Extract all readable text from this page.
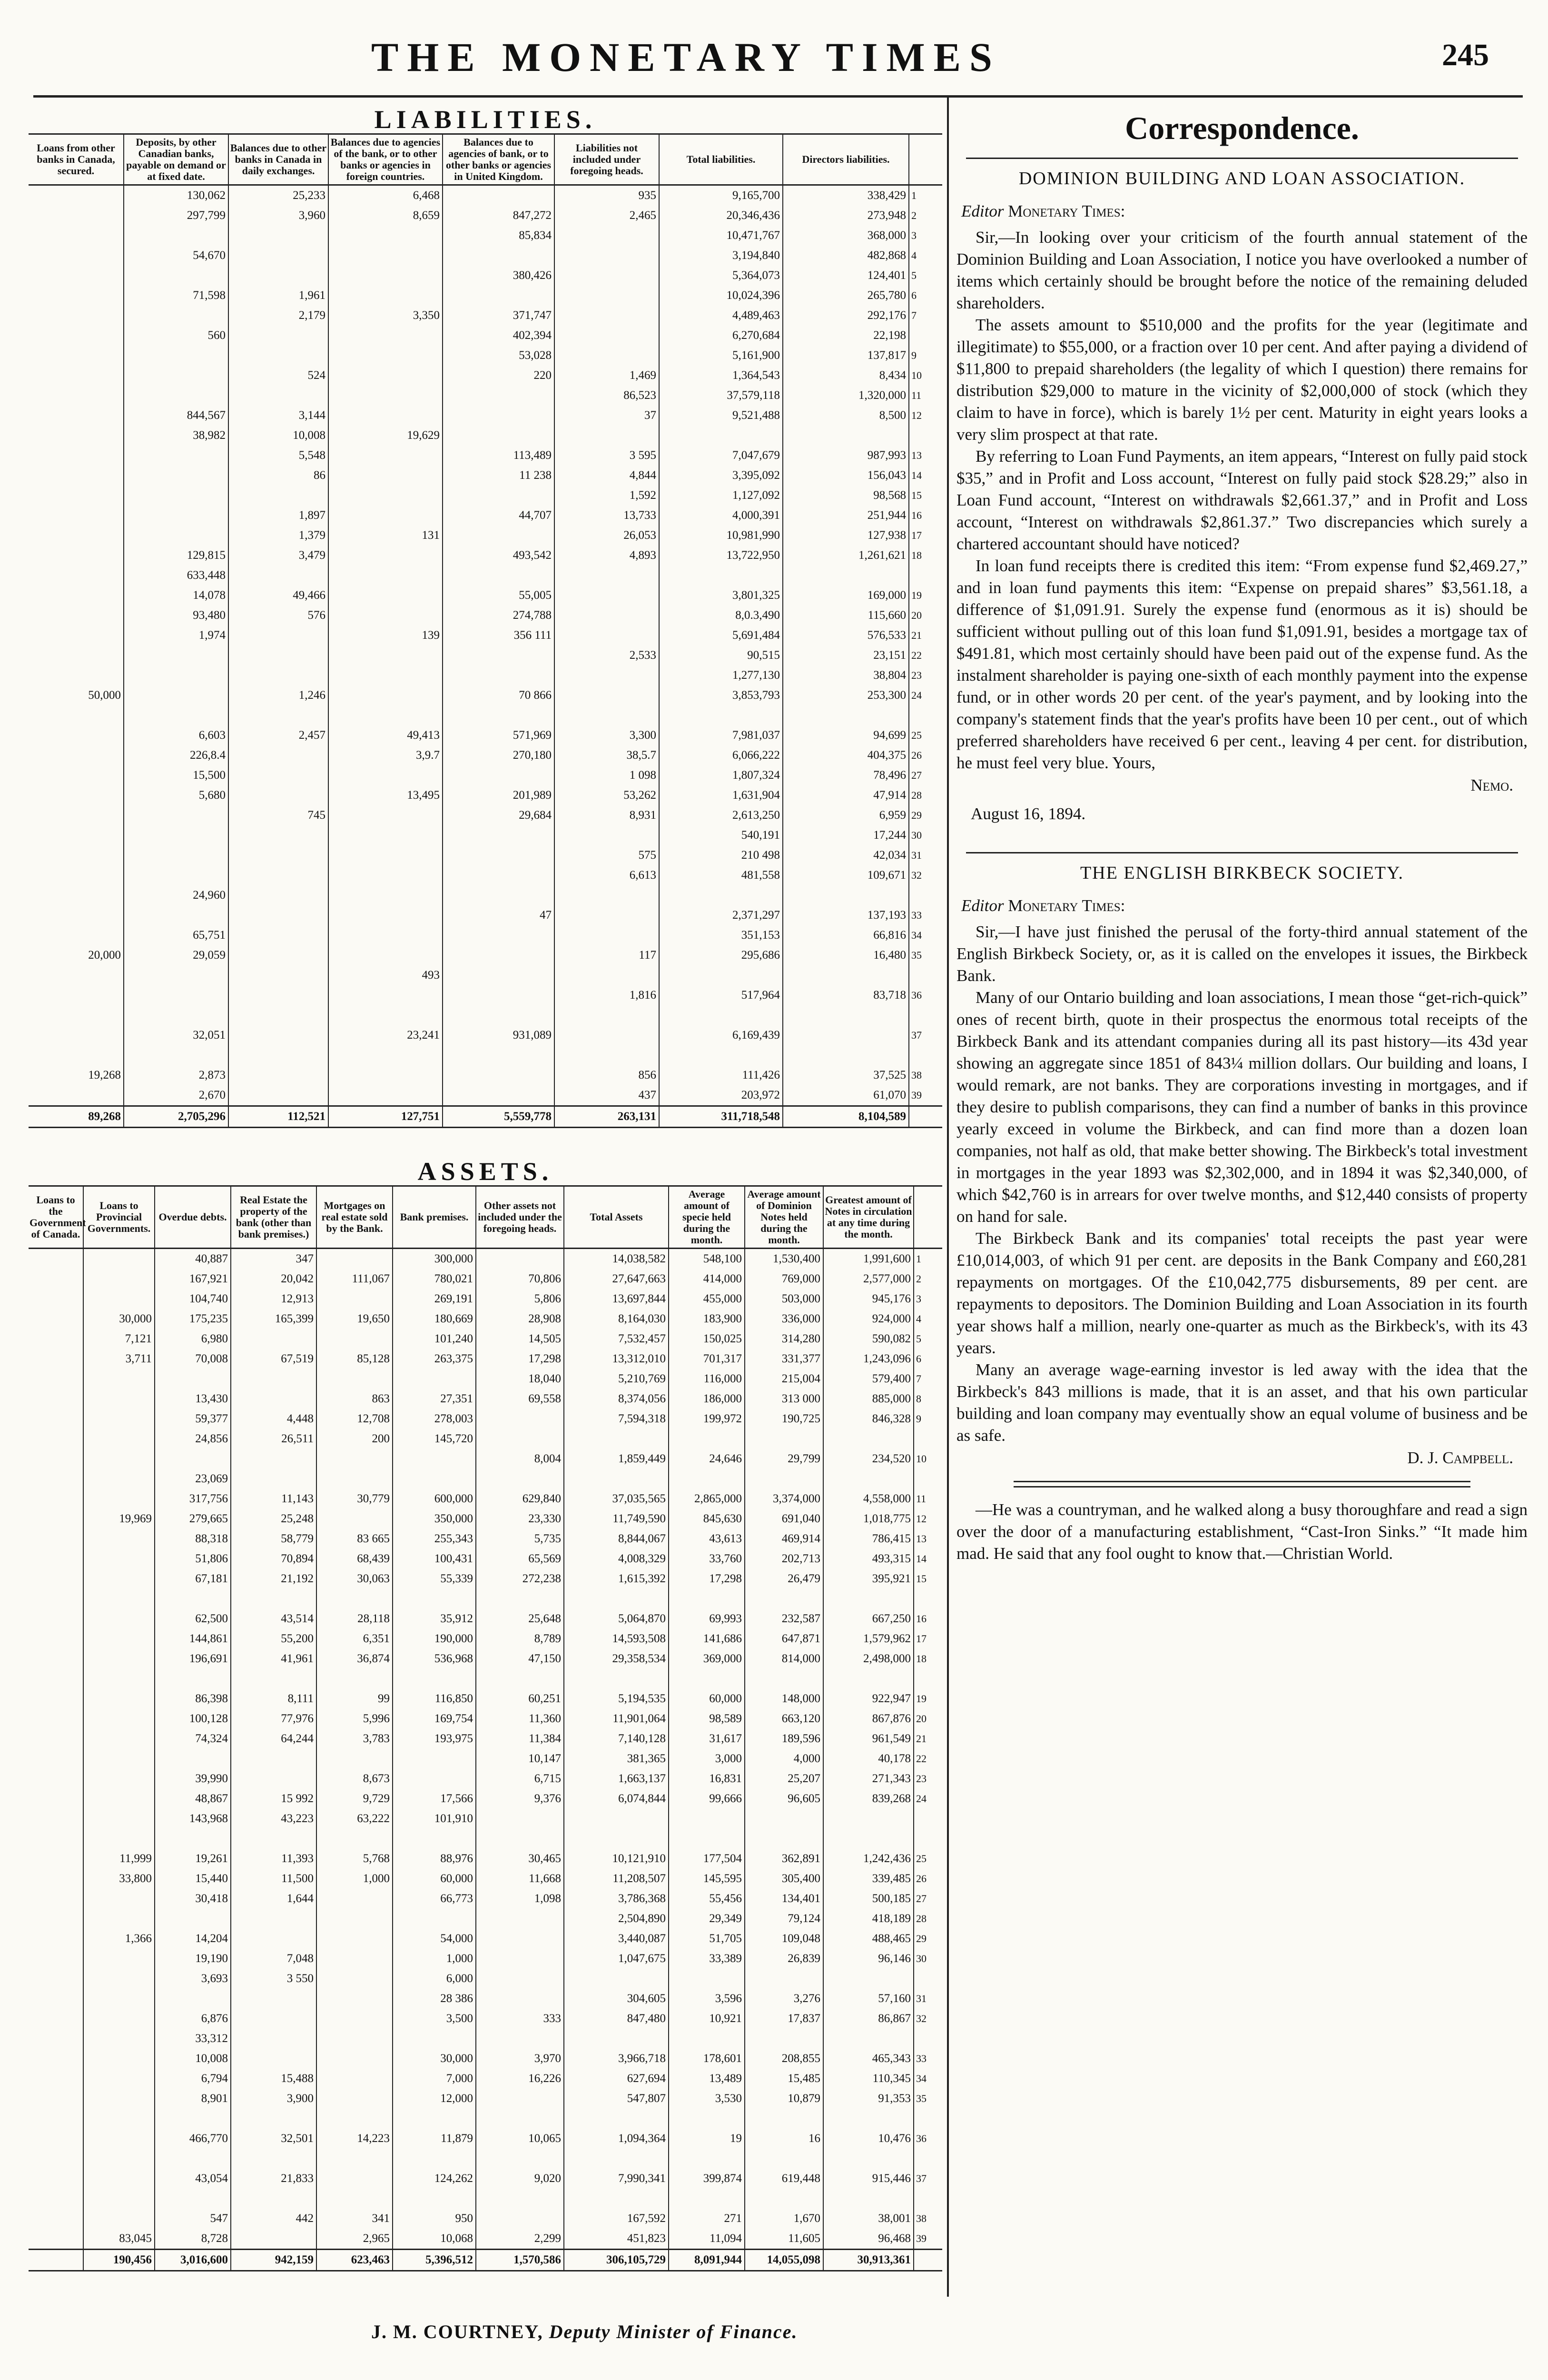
THE MONETARY TIMES	245
LIABILITIES.
Loans from other banks in Canada, secured.	Deposits, by other Canadian banks, payable on demand or at fixed date.	Balances due to other banks in Canada in daily exchanges.	Balances due to agencies of the bank, or to other banks or agencies in foreign countries.	Balances due to agencies of bank, or to other banks or agencies in United Kingdom.	Liabilities not included under foregoing heads.	Total liabilities.	Directors liabilities.	
	130,062	25,233	6,468		935	9,165,700	338,429	1
	297,799	3,960	8,659	847,272	2,465	20,346,436	273,948	2
				85,834		10,471,767	368,000	3
	54,670					3,194,840	482,868	4
				380,426		5,364,073	124,401	5
	71,598	1,961				10,024,396	265,780	6
		2,179	3,350	371,747		4,489,463	292,176	7
	560			402,394		6,270,684	22,198	
				53,028		5,161,900	137,817	9
		524		220	1,469	1,364,543	8,434	10
					86,523	37,579,118	1,320,000	11
	844,567	3,144			37	9,521,488	8,500	12
	38,982	10,008	19,629					
		5,548		113,489	3 595	7,047,679	987,993	13
		86		11 238	4,844	3,395,092	156,043	14
					1,592	1,127,092	98,568	15
		1,897		44,707	13,733	4,000,391	251,944	16
		1,379	131		26,053	10,981,990	127,938	17
	129,815	3,479		493,542	4,893	13,722,950	1,261,621	18
	633,448							
	14,078	49,466		55,005		3,801,325	169,000	19
	93,480	576		274,788		8,0.3,490	115,660	20
	1,974		139	356 111		5,691,484	576,533	21
					2,533	90,515	23,151	22
						1,277,130	38,804	23
50,000		1,246		70 866		3,853,793	253,300	24

	6,603	2,457	49,413	571,969	3,300	7,981,037	94,699	25
	226,8.4		3,9.7	270,180	38,5.7	6,066,222	404,375	26
	15,500				1 098	1,807,324	78,496	27
	5,680		13,495	201,989	53,262	1,631,904	47,914	28
		745		29,684	8,931	2,613,250	6,959	29
						540,191	17,244	30
					575	210 498	42,034	31
					6,613	481,558	109,671	32
	24,960							
				47		2,371,297	137,193	33
	65,751					351,153	66,816	34
20,000	29,059				117	295,686	16,480	35
			493					
					1,816	517,964	83,718	36

	32,051		23,241	931,089		6,169,439		37

19,268	2,873				856	111,426	37,525	38
	2,670				437	203,972	61,070	39
89,268	2,705,296	112,521	127,751	5,559,778	263,131	311,718,548	8,104,589	
ASSETS.
Loans to the Government of Canada.	Loans to Provincial Governments.	Overdue debts.	Real Estate the property of the bank (other than bank premises.)	Mortgages on real estate sold by the Bank.	Bank premises.	Other assets not included under the foregoing heads.	Total Assets	Average amount of specie held during the month.	Average amount of Dominion Notes held during the month.	Greatest amount of Notes in circulation at any time during the month.	
		40,887	347		300,000		14,038,582	548,100	1,530,400	1,991,600	1
		167,921	20,042	111,067	780,021	70,806	27,647,663	414,000	769,000	2,577,000	2
		104,740	12,913		269,191	5,806	13,697,844	455,000	503,000	945,176	3
	30,000	175,235	165,399	19,650	180,669	28,908	8,164,030	183,900	336,000	924,000	4
	7,121	6,980			101,240	14,505	7,532,457	150,025	314,280	590,082	5
	3,711	70,008	67,519	85,128	263,375	17,298	13,312,010	701,317	331,377	1,243,096	6
						18,040	5,210,769	116,000	215,004	579,400	7
		13,430		863	27,351	69,558	8,374,056	186,000	313 000	885,000	8
		59,377	4,448	12,708	278,003		7,594,318	199,972	190,725	846,328	9
		24,856	26,511	200	145,720						
						8,004	1,859,449	24,646	29,799	234,520	10
		23,069									
		317,756	11,143	30,779	600,000	629,840	37,035,565	2,865,000	3,374,000	4,558,000	11
	19,969	279,665	25,248		350,000	23,330	11,749,590	845,630	691,040	1,018,775	12
		88,318	58,779	83 665	255,343	5,735	8,844,067	43,613	469,914	786,415	13
		51,806	70,894	68,439	100,431	65,569	4,008,329	33,760	202,713	493,315	14
		67,181	21,192	30,063	55,339	272,238	1,615,392	17,298	26,479	395,921	15

		62,500	43,514	28,118	35,912	25,648	5,064,870	69,993	232,587	667,250	16
		144,861	55,200	6,351	190,000	8,789	14,593,508	141,686	647,871	1,579,962	17
		196,691	41,961	36,874	536,968	47,150	29,358,534	369,000	814,000	2,498,000	18

		86,398	8,111	99	116,850	60,251	5,194,535	60,000	148,000	922,947	19
		100,128	77,976	5,996	169,754	11,360	11,901,064	98,589	663,120	867,876	20
		74,324	64,244	3,783	193,975	11,384	7,140,128	31,617	189,596	961,549	21
						10,147	381,365	3,000	4,000	40,178	22
		39,990		8,673		6,715	1,663,137	16,831	25,207	271,343	23
		48,867	15 992	9,729	17,566	9,376	6,074,844	99,666	96,605	839,268	24
		143,968	43,223	63,222	101,910						

	11,999	19,261	11,393	5,768	88,976	30,465	10,121,910	177,504	362,891	1,242,436	25
	33,800	15,440	11,500	1,000	60,000	11,668	11,208,507	145,595	305,400	339,485	26
		30,418	1,644		66,773	1,098	3,786,368	55,456	134,401	500,185	27
							2,504,890	29,349	79,124	418,189	28
	1,366	14,204			54,000		3,440,087	51,705	109,048	488,465	29
		19,190	7,048		1,000		1,047,675	33,389	26,839	96,146	30
		3,693	3 550		6,000						
					28 386		304,605	3,596	3,276	57,160	31
		6,876			3,500	333	847,480	10,921	17,837	86,867	32
		33,312									
		10,008			30,000	3,970	3,966,718	178,601	208,855	465,343	33
		6,794	15,488		7,000	16,226	627,694	13,489	15,485	110,345	34
		8,901	3,900		12,000		547,807	3,530	10,879	91,353	35

		466,770	32,501	14,223	11,879	10,065	1,094,364	19	16	10,476	36

		43,054	21,833		124,262	9,020	7,990,341	399,874	619,448	915,446	37

		547	442	341	950		167,592	271	1,670	38,001	38
	83,045	8,728		2,965	10,068	2,299	451,823	11,094	11,605	96,468	39
	190,456	3,016,600	942,159	623,463	5,396,512	1,570,586	306,105,729	8,091,944	14,055,098	30,913,361	
J. M. COURTNEY, Deputy Minister of Finance.
Correspondence.
DOMINION BUILDING AND LOAN ASSOCIATION.
Editor Monetary Times:

Sir,—In looking over your criticism of the fourth annual statement of the Dominion Building and Loan Association, I notice you have overlooked a number of items which certainly should be brought before the notice of the remaining deluded shareholders.

The assets amount to $510,000 and the profits for the year (legitimate and illegitimate) to $55,000, or a fraction over 10 per cent. And after paying a dividend of $11,800 to prepaid shareholders (the legality of which I question) there remains for distribution $29,000 to mature in the vicinity of $2,000,000 of stock (which they claim to have in force), which is barely 1½ per cent. Maturity in eight years looks a very slim prospect at that rate.

By referring to Loan Fund Payments, an item appears, “Interest on fully paid stock $35,” and in Profit and Loss account, “Interest on fully paid stock $28.29;” also in Loan Fund account, “Interest on withdrawals $2,661.37,” and in Profit and Loss account, “Interest on withdrawals $2,861.37.” Two discrepancies which surely a chartered accountant should have noticed?

In loan fund receipts there is credited this item: “From expense fund $2,469.27,” and in loan fund payments this item: “Expense on prepaid shares” $3,561.18, a difference of $1,091.91. Surely the expense fund (enormous as it is) should be sufficient without pulling out of this loan fund $1,091.91, besides a mortgage tax of $491.81, which most certainly should have been paid out of the expense fund. As the instalment shareholder is paying one-sixth of each monthly payment into the expense fund, or in other words 20 per cent. of the year's payment, and by looking into the company's statement finds that the year's profits have been 10 per cent., out of which preferred shareholders have received 6 per cent., leaving 4 per cent. for distribution, he must feel very blue. Yours,

Nemo.
August 16, 1894.
THE ENGLISH BIRKBECK SOCIETY.
Editor Monetary Times:

Sir,—I have just finished the perusal of the forty-third annual statement of the English Birkbeck Society, or, as it is called on the envelopes it issues, the Birkbeck Bank.

Many of our Ontario building and loan associations, I mean those “get-rich-quick” ones of recent birth, quote in their prospectus the enormous total receipts of the Birkbeck Bank and its attendant companies during all its past history—its 43d year showing an aggregate since 1851 of 843¼ million dollars. Our building and loans, I would remark, are not banks. They are corporations investing in mortgages, and if they desire to publish comparisons, they can find a number of banks in this province yearly exceed in volume the Birkbeck, and can find more than a dozen loan companies, not half as old, that make better showing. The Birkbeck's total investment in mortgages in the year 1893 was $2,302,000, and in 1894 it was $2,340,000, of which $42,760 is in arrears for over twelve months, and $12,440 consists of property on hand for sale.

The Birkbeck Bank and its companies' total receipts the past year were £10,014,003, of which 91 per cent. are deposits in the Bank Company and £60,281 repayments on mortgages. Of the £10,042,775 disbursements, 89 per cent. are repayments to depositors. The Dominion Building and Loan Association in its fourth year shows half a million, nearly one-quarter as much as the Birkbeck's, with its 43 years.

Many an average wage-earning investor is led away with the idea that the Birkbeck's 843 millions is made, that it is an asset, and that his own particular building and loan company may eventually show an equal volume of business and be as safe.

D. J. Campbell.

—He was a countryman, and he walked along a busy thoroughfare and read a sign over the door of a manufacturing establishment, “Cast-Iron Sinks.” “It made him mad. He said that any fool ought to know that.—Christian World.
